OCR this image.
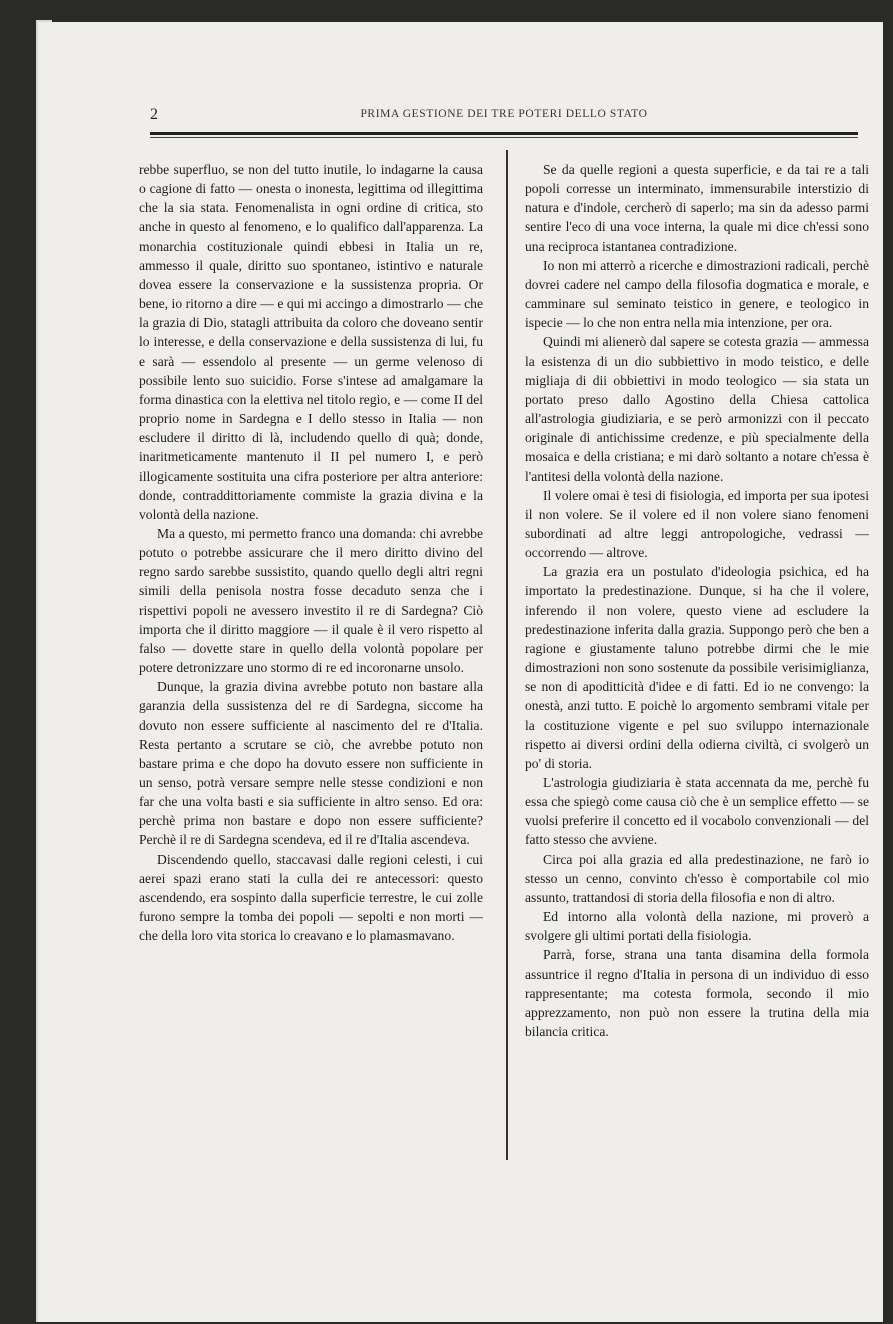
2	PRIMA GESTIONE DEI TRE POTERI DELLO STATO

rebbe superfluo, se non del tutto inutile, lo indagarne la causa o cagione di fatto — onesta o inonesta, legittima od illegittima che la sia stata. Fenomenalista in ogni ordine di critica, sto anche in questo al fenomeno, e lo qualifico dall'apparenza. La monarchia costituzionale quindi ebbesi in Italia un re, ammesso il quale, diritto suo spontaneo, istintivo e naturale dovea essere la conservazione e la sussistenza propria. Or bene, io ritorno a dire — e qui mi accingo a dimostrarlo — che la grazia di Dio, statagli attribuita da coloro che doveano sentir lo interesse, e della conservazione e della sussistenza di lui, fu e sarà — essendolo al presente — un germe velenoso di possibile lento suo suicidio. Forse s'intese ad amalgamare la forma dinastica con la elettiva nel titolo regio, e — come II del proprio nome in Sardegna e I dello stesso in Italia — non escludere il diritto di là, includendo quello di quà; donde, inaritmeticamente mantenuto il II pel numero I, e però illogicamente sostituita una cifra posteriore per altra anteriore: donde, contraddittoriamente commiste la grazia divina e la volontà della nazione.

Ma a questo, mi permetto franco una domanda: chi avrebbe potuto o potrebbe assicurare che il mero diritto divino del regno sardo sarebbe sussistito, quando quello degli altri regni simili della penisola nostra fosse decaduto senza che i rispettivi popoli ne avessero investito il re di Sardegna? Ciò importa che il diritto maggiore — il quale è il vero rispetto al falso — dovette stare in quello della volontà popolare per potere detronizzare uno stormo di re ed incoronarne unsolo.

Dunque, la grazia divina avrebbe potuto non bastare alla garanzia della sussistenza del re di Sardegna, siccome ha dovuto non essere sufficiente al nascimento del re d'Italia. Resta pertanto a scrutare se ciò, che avrebbe potuto non bastare prima e che dopo ha dovuto essere non sufficiente in un senso, potrà versare sempre nelle stesse condizioni e non far che una volta basti e sia sufficiente in altro senso. Ed ora: perchè prima non bastare e dopo non essere sufficiente? Perchè il re di Sardegna scendeva, ed il re d'Italia ascendeva.

Discendendo quello, staccavasi dalle regioni celesti, i cui aerei spazi erano stati la culla dei re antecessori: questo ascendendo, era sospinto dalla superficie terrestre, le cui zolle furono sempre la tomba dei popoli — sepolti e non morti — che della loro vita storica lo creavano e lo plamasmavano.

Se da quelle regioni a questa superficie, e da tai re a tali popoli corresse un interminato, immensurabile interstizio di natura e d'indole, cercherò di saperlo; ma sin da adesso parmi sentire l'eco di una voce interna, la quale mi dice ch'essi sono una reciproca istantanea contradizione.

Io non mi atterrò a ricerche e dimostrazioni radicali, perchè dovrei cadere nel campo della filosofia dogmatica e morale, e camminare sul seminato teistico in genere, e teologico in ispecie — lo che non entra nella mia intenzione, per ora.

Quindi mi alienerò dal sapere se cotesta grazia — ammessa la esistenza di un dio subbiettivo in modo teistico, e delle migliaja di dii obbiettivi in modo teologico — sia stata un portato preso dallo Agostino della Chiesa cattolica all'astrologia giudiziaria, e se però armonizzi con il peccato originale di antichissime credenze, e più specialmente della mosaica e della cristiana; e mi darò soltanto a notare ch'essa è l'antitesi della volontà della nazione.

Il volere omai è tesi di fisiologia, ed importa per sua ipotesi il non volere. Se il volere ed il non volere siano fenomeni subordinati ad altre leggi antropologiche, vedrassi — occorrendo — altrove.

La grazia era un postulato d'ideologia psichica, ed ha importato la predestinazione. Dunque, si ha che il volere, inferendo il non volere, questo viene ad escludere la predestinazione inferita dalla grazia. Suppongo però che ben a ragione e giustamente taluno potrebbe dirmi che le mie dimostrazioni non sono sostenute da possibile verisimiglianza, se non di apoditticità d'idee e di fatti. Ed io ne convengo: la onestà, anzi tutto. E poichè lo argomento sembrami vitale per la costituzione vigente e pel suo sviluppo internazionale rispetto ai diversi ordini della odierna civiltà, ci svolgerò un po' di storia.

L'astrologia giudiziaria è stata accennata da me, perchè fu essa che spiegò come causa ciò che è un semplice effetto — se vuolsi preferire il concetto ed il vocabolo convenzionali — del fatto stesso che avviene.

Circa poi alla grazia ed alla predestinazione, ne farò io stesso un cenno, convinto ch'esso è comportabile col mio assunto, trattandosi di storia della filosofia e non di altro.

Ed intorno alla volontà della nazione, mi proverò a svolgere gli ultimi portati della fisiologia.

Parrà, forse, strana una tanta disamina della formola assuntrice il regno d'Italia in persona di un individuo di esso rappresentante; ma cotesta formola, secondo il mio apprezzamento, non può non essere la trutina della mia bilancia critica.
